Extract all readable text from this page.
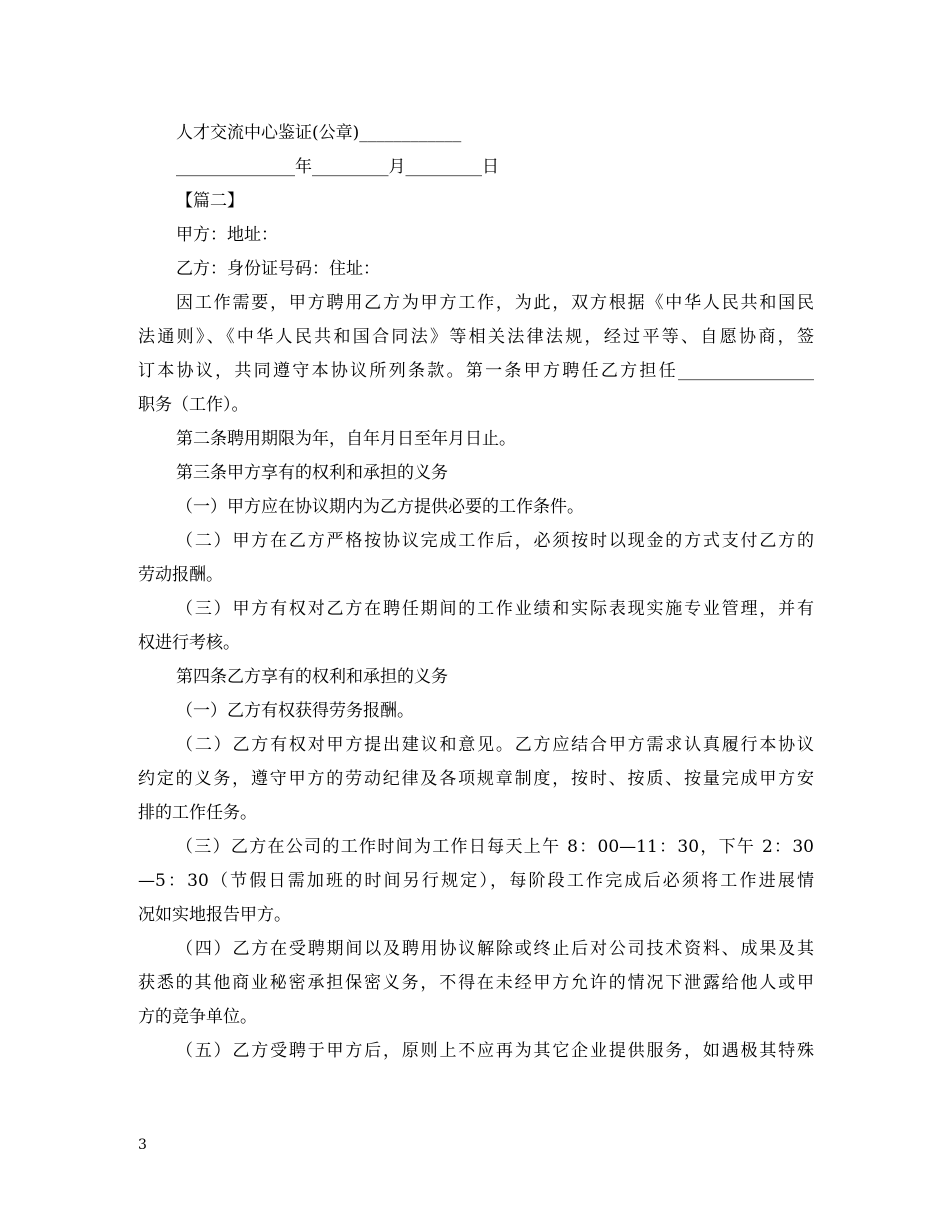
人才交流中心鉴证(公章)____________
______________年_________月_________日
【篇二】
甲方：地址：
乙方：身份证号码：住址：
因工作需要，甲方聘用乙方为甲方工作，为此，双方根据《中华人民共和国民
法通则》、《中华人民共和国合同法》等相关法律法规，经过平等、自愿协商，签
订本协议，共同遵守本协议所列条款。第一条甲方聘任乙方担任________________
职务（工作）。
第二条聘用期限为年，自年月日至年月日止。
第三条甲方享有的权利和承担的义务
（一）甲方应在协议期内为乙方提供必要的工作条件。
（二）甲方在乙方严格按协议完成工作后，必须按时以现金的方式支付乙方的
劳动报酬。
（三）甲方有权对乙方在聘任期间的工作业绩和实际表现实施专业管理，并有
权进行考核。
第四条乙方享有的权利和承担的义务
（一）乙方有权获得劳务报酬。
（二）乙方有权对甲方提出建议和意见。乙方应结合甲方需求认真履行本协议
约定的义务，遵守甲方的劳动纪律及各项规章制度，按时、按质、按量完成甲方安
排的工作任务。
（三）乙方在公司的工作时间为工作日每天上午 8：00—11：30，下午 2：30
—5：30（节假日需加班的时间另行规定），每阶段工作完成后必须将工作进展情
况如实地报告甲方。
（四）乙方在受聘期间以及聘用协议解除或终止后对公司技术资料、成果及其
获悉的其他商业秘密承担保密义务，不得在未经甲方允许的情况下泄露给他人或甲
方的竞争单位。
（五）乙方受聘于甲方后，原则上不应再为其它企业提供服务，如遇极其特殊
3
